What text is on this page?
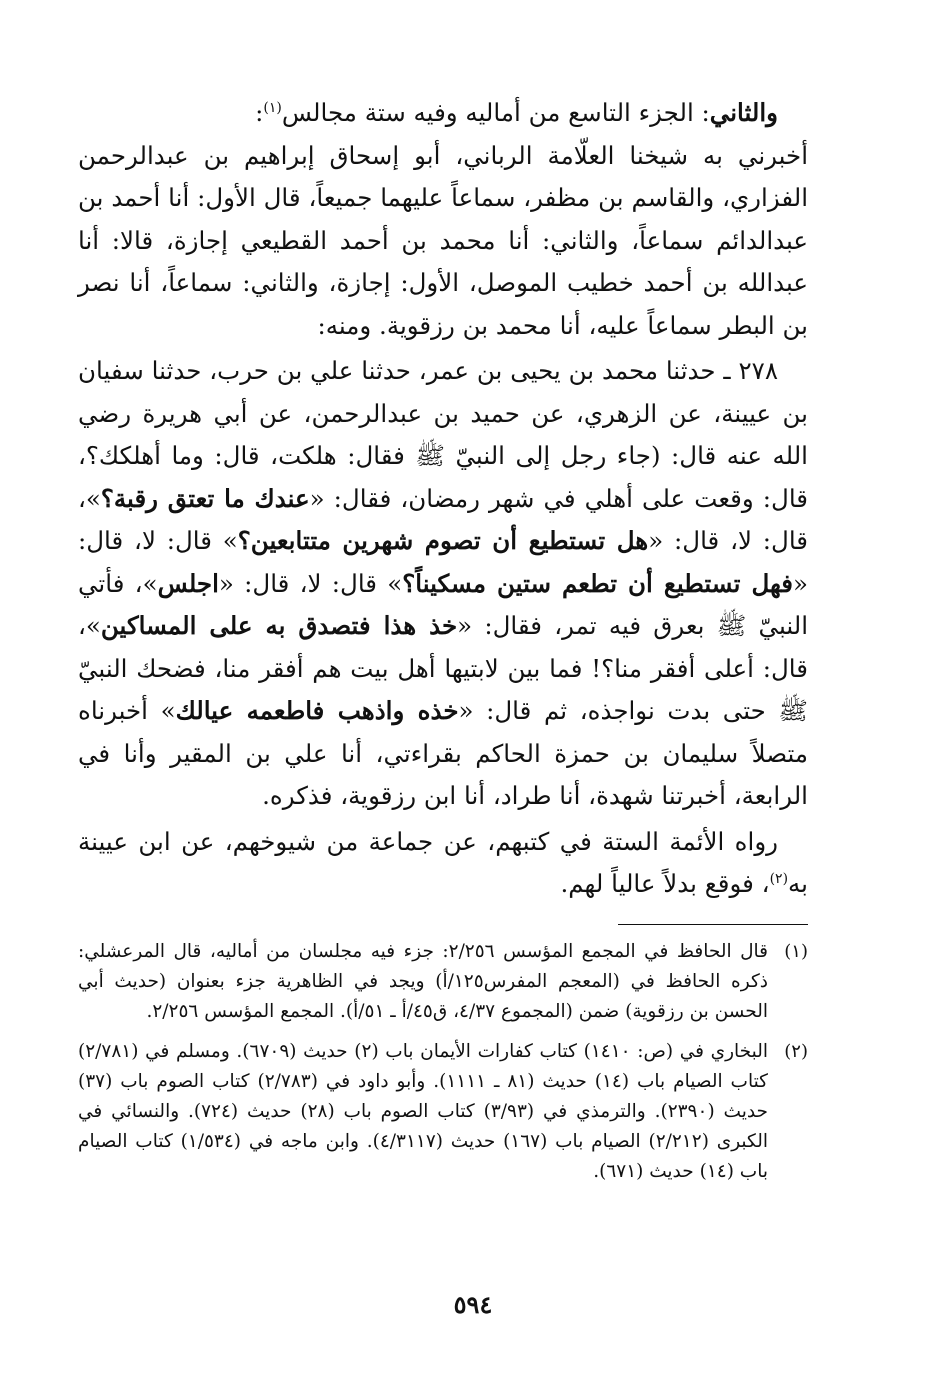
والثاني: الجزء التاسع من أماليه وفيه ستة مجالس$^{(١)}$:

أخبرني به شيخنا العلّامة الرباني، أبو إسحاق إبراهيم بن عبدالرحمن الفزاري، والقاسم بن مظفر، سماعاً عليهما جميعاً، قال الأول: أنا أحمد بن عبدالدائم سماعاً، والثاني: أنا محمد بن أحمد القطيعي إجازة، قالا: أنا عبدالله بن أحمد خطيب الموصل، الأول: إجازة، والثاني: سماعاً، أنا نصر بن البطر سماعاً عليه، أنا محمد بن رزقوية. ومنه:

٢٧٨ ـ حدثنا محمد بن يحيى بن عمر، حدثنا علي بن حرب، حدثنا سفيان بن عيينة، عن الزهري، عن حميد بن عبدالرحمن، عن أبي هريرة رضي الله عنه قال: (جاء رجل إلى النبيّ ﷺ فقال: هلكت، قال: وما أهلكك؟، قال: وقعت على أهلي في شهر رمضان، فقال: «عندك ما تعتق رقبة؟»، قال: لا، قال: «هل تستطيع أن تصوم شهرين متتابعين؟» قال: لا، قال: «فهل تستطيع أن تطعم ستين مسكيناً؟» قال: لا، قال: «اجلس»، فأتي النبيّ ﷺ بعرق فيه تمر، فقال: «خذ هذا فتصدق به على المساكين»، قال: أعلى أفقر منا؟! فما بين لابتيها أهل بيت هم أفقر منا، فضحك النبيّ ﷺ حتى بدت نواجذه، ثم قال: «خذه واذهب فاطعمه عيالك» أخبرناه متصلاً سليمان بن حمزة الحاكم بقراءتي، أنا علي بن المقير وأنا في الرابعة، أخبرتنا شهدة، أنا طراد، أنا ابن رزقوية، فذكره.

رواه الأئمة الستة في كتبهم، عن جماعة من شيوخهم، عن ابن عيينة به$^{(٢)}$، فوقع بدلاً عالياً لهم.

(١)

قال الحافظ في المجمع المؤسس ٢/٢٥٦: جزء فيه مجلسان من أماليه، قال المرعشلي: ذكره الحافظ في (المعجم المفرس١٢٥/أ) ويجد في الظاهرية جزء بعنوان (حديث أبي الحسن بن رزقوية) ضمن (المجموع ٤/٣٧، ق٤٥/أ ـ ٥١/أ). المجمع المؤسس ٢/٢٥٦.

(٢)

البخاري في (ص: ١٤١٠) كتاب كفارات الأيمان باب (٢) حديث (٦٧٠٩). ومسلم في (٢/٧٨١) كتاب الصيام باب (١٤) حديث (٨١ ـ ١١١١). وأبو داود في (٢/٧٨٣) كتاب الصوم باب (٣٧) حديث (٢٣٩٠). والترمذي في (٣/٩٣) كتاب الصوم باب (٢٨) حديث (٧٢٤). والنسائي في الكبرى (٢/٢١٢) الصيام باب (١٦٧) حديث (٤/٣١١٧). وابن ماجه في (١/٥٣٤) كتاب الصيام باب (١٤) حديث (٦٧١).

٥٩٤
